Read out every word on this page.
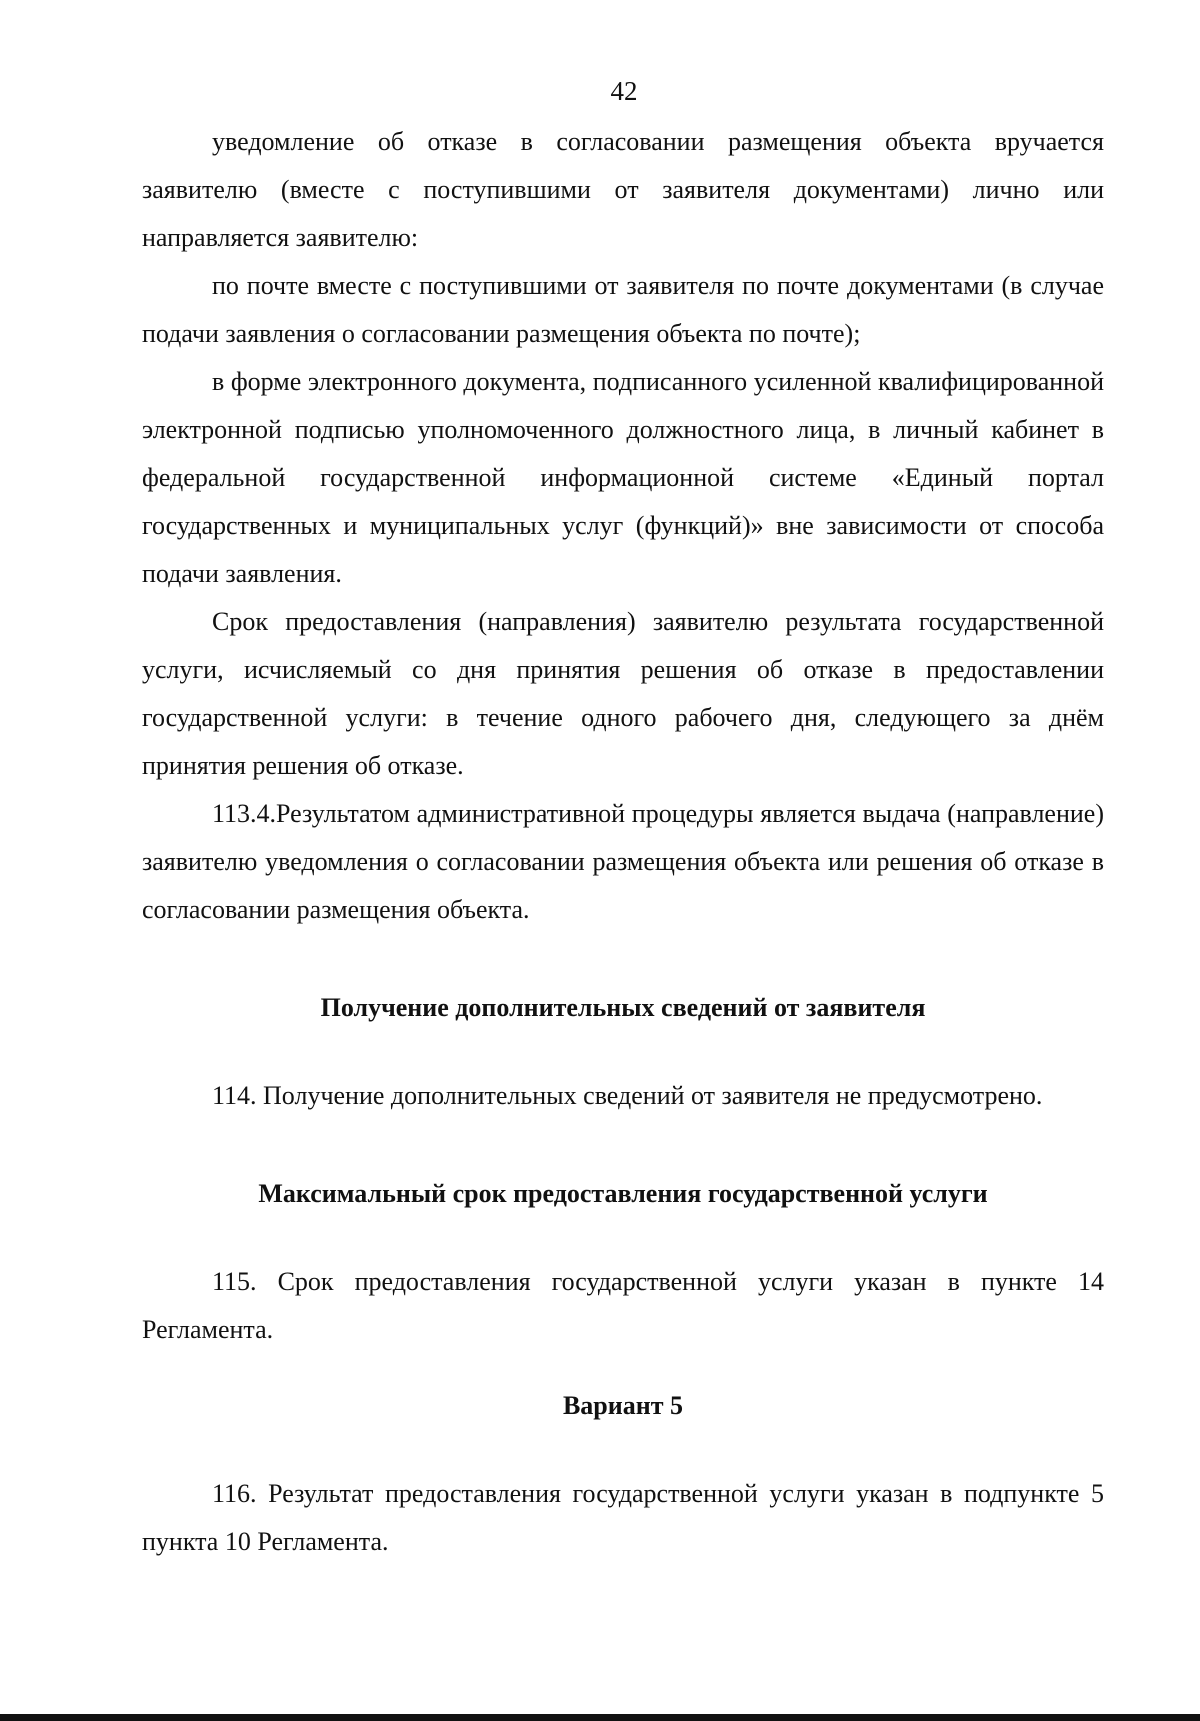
42

уведомление об отказе в согласовании размещения объекта вручается заявителю (вместе с поступившими от заявителя документами) лично или направляется заявителю:

по почте вместе с поступившими от заявителя по почте документами (в случае подачи заявления о согласовании размещения объекта по почте);

в форме электронного документа, подписанного усиленной квалифицированной электронной подписью уполномоченного должностного лица, в личный кабинет в федеральной государственной информационной системе «Единый портал государственных и муниципальных услуг (функций)» вне зависимости от способа подачи заявления.

Срок предоставления (направления) заявителю результата государственной услуги, исчисляемый со дня принятия решения об отказе в предоставлении государственной услуги: в течение одного рабочего дня, следующего за днём принятия решения об отказе.

113.4.Результатом административной процедуры является выдача (направление) заявителю уведомления о согласовании размещения объекта или решения об отказе в согласовании размещения объекта.

Получение дополнительных сведений от заявителя

114. Получение дополнительных сведений от заявителя не предусмотрено.

Максимальный срок предоставления государственной услуги

115. Срок предоставления государственной услуги указан в пункте 14 Регламента.

Вариант 5

116. Результат предоставления государственной услуги указан в подпункте 5 пункта 10 Регламента.
